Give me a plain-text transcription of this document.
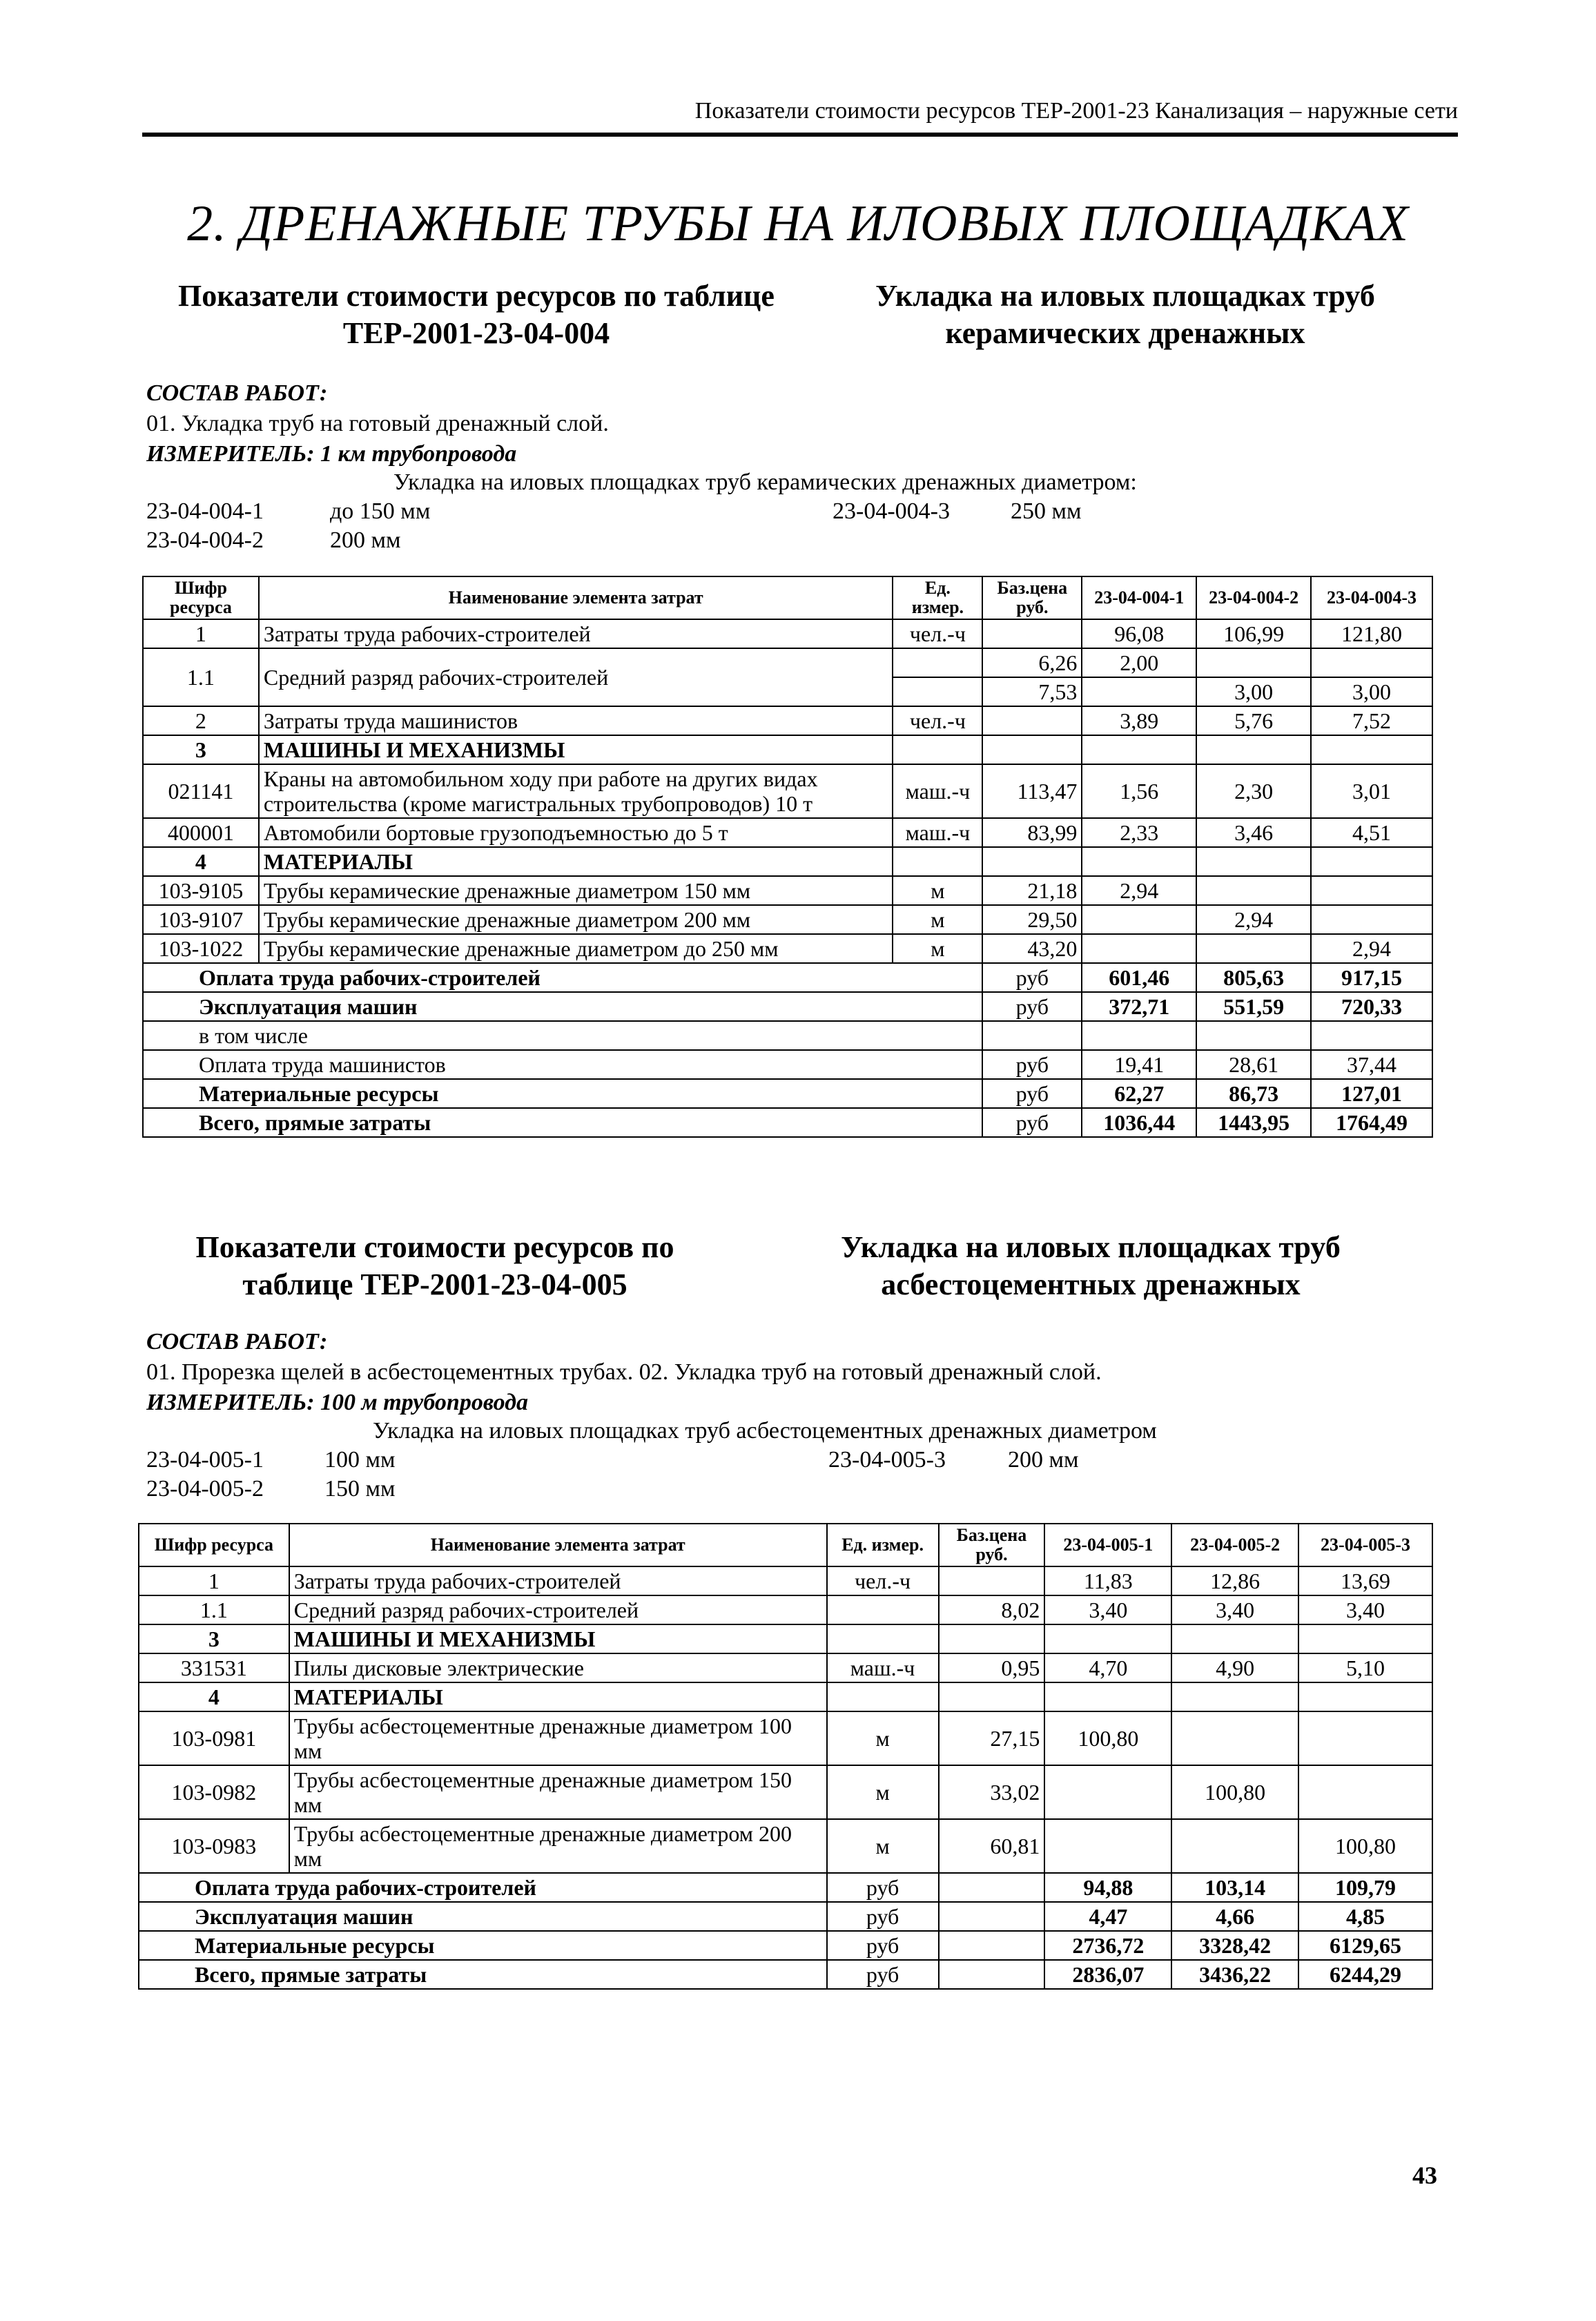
Показатели стоимости ресурсов ТЕР-2001-23 Канализация – наружные сети
2. ДРЕНАЖНЫЕ ТРУБЫ НА ИЛОВЫХ ПЛОЩАДКАХ
Показатели стоимости ресурсов по таблице
ТЕР-2001-23-04-004
Укладка на иловых площадках труб
керамических дренажных
СОСТАВ РАБОТ:
01. Укладка труб на готовый дренажный слой.
ИЗМЕРИТЕЛЬ: 1 км трубопровода
Укладка на иловых площадках труб керамических дренажных диаметром:
23-04-004-1	до 150 мм
23-04-004-2	200 мм
23-04-004-3	250 мм
Шифр ресурса	Наименование элемента затрат	Ед. измер.	Баз.цена руб.	23-04-004-1	23-04-004-2	23-04-004-3
1	Затраты труда рабочих-строителей	чел.-ч		96,08	106,99	121,80
1.1	Средний разряд рабочих-строителей		6,26	2,00		
			7,53		3,00	3,00
2	Затраты труда машинистов	чел.-ч		3,89	5,76	7,52
3	МАШИНЫ И МЕХАНИЗМЫ					
021141	Краны на автомобильном ходу при работе на других видах строительства (кроме магистральных трубопроводов) 10 т	маш.-ч	113,47	1,56	2,30	3,01
400001	Автомобили бортовые грузоподъемностью до 5 т	маш.-ч	83,99	2,33	3,46	4,51
4	МАТЕРИАЛЫ					
103-9105	Трубы керамические дренажные диаметром 150 мм	м	21,18	2,94		
103-9107	Трубы керамические дренажные диаметром 200 мм	м	29,50		2,94	
103-1022	Трубы керамические дренажные диаметром до 250 мм	м	43,20			2,94
Оплата труда рабочих-строителей			руб	601,46	805,63	917,15
Эксплуатация машин			руб	372,71	551,59	720,33
в том числе						
Оплата труда машинистов			руб	19,41	28,61	37,44
Материальные ресурсы			руб	62,27	86,73	127,01
Всего, прямые затраты			руб	1036,44	1443,95	1764,49
Показатели стоимости ресурсов по
таблице ТЕР-2001-23-04-005
Укладка на иловых площадках труб
асбестоцементных дренажных
СОСТАВ РАБОТ:
01. Прорезка щелей в асбестоцементных трубах. 02. Укладка труб на готовый дренажный слой.
ИЗМЕРИТЕЛЬ: 100 м трубопровода
Укладка на иловых площадках труб асбестоцементных дренажных диаметром
23-04-005-1	100 мм
23-04-005-2	150 мм
23-04-005-3	200 мм
Шифр ресурса	Наименование элемента затрат	Ед. измер.	Баз.цена руб.	23-04-005-1	23-04-005-2	23-04-005-3
1	Затраты труда рабочих-строителей	чел.-ч		11,83	12,86	13,69
1.1	Средний разряд рабочих-строителей		8,02	3,40	3,40	3,40
3	МАШИНЫ И МЕХАНИЗМЫ					
331531	Пилы дисковые электрические	маш.-ч	0,95	4,70	4,90	5,10
4	МАТЕРИАЛЫ					
103-0981	Трубы асбестоцементные дренажные диаметром 100 мм	м	27,15	100,80		
103-0982	Трубы асбестоцементные дренажные диаметром 150 мм	м	33,02		100,80	
103-0983	Трубы асбестоцементные дренажные диаметром 200 мм	м	60,81			100,80
Оплата труда рабочих-строителей		руб		94,88	103,14	109,79
Эксплуатация машин		руб		4,47	4,66	4,85
Материальные ресурсы		руб		2736,72	3328,42	6129,65
Всего, прямые затраты		руб		2836,07	3436,22	6244,29
43
